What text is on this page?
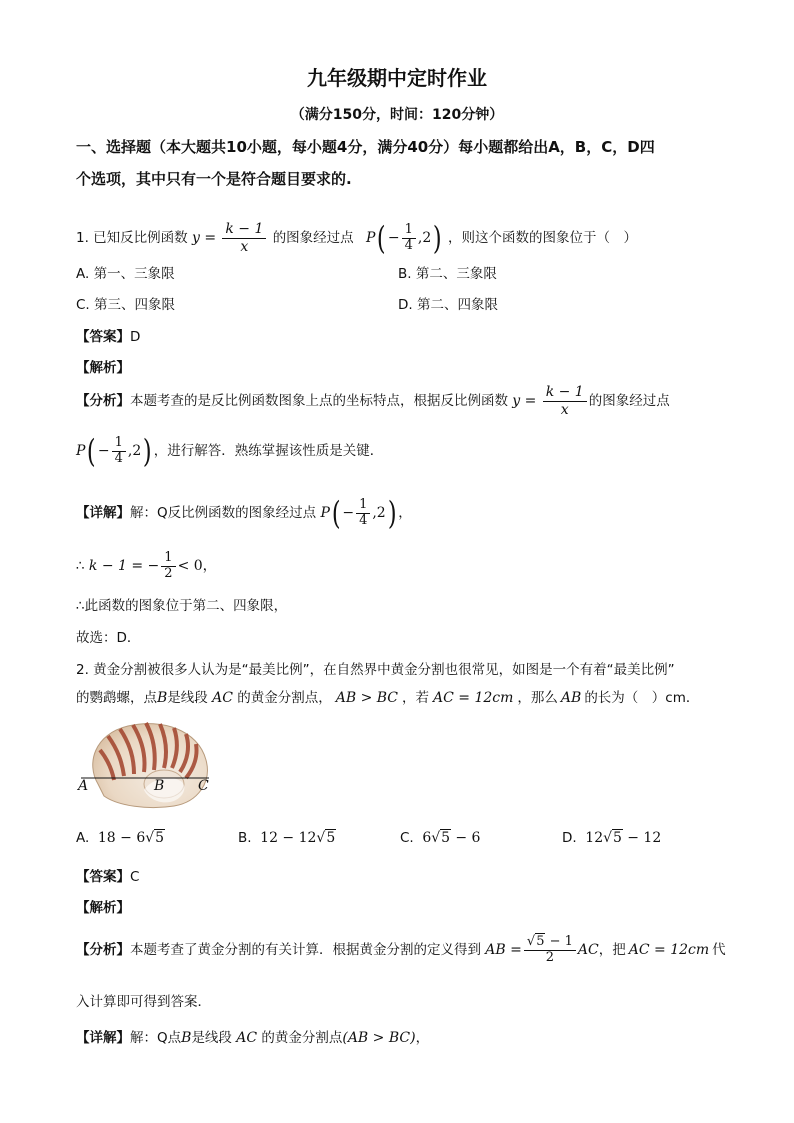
九年级期中定时作业
（满分150分，时间：120分钟）
一、选择题（本大题共10小题，每小题4分，满分40分）每小题都给出A，B，C，D四
个选项，其中只有一个是符合题目要求的.
1. 已知反比例函数 $y = \frac{k - 1}{x}$ 的图象经过点 $P( - \frac{1}{4} ,2)$ ，则这个函数的图象位于（　）
A. 第一、三象限	B. 第二、三象限
C. 第三、四象限	D. 第二、四象限
【答案】D
【解析】
【分析】本题考查的是反比例函数图象上点的坐标特点，根据反比例函数 $y = \frac{k - 1}{x}$ 的图象经过点
$P( - \frac{1}{4} ,2)$ ，进行解答．熟练掌握该性质是关键．
【详解】解：Q反比例函数的图象经过点 $P( - \frac{1}{4} ,2)$ ，
∴ k − 1 = − $\frac{1}{2} < 0$，
∴此函数的图象位于第二、四象限，
故选：D．
2. 黄金分割被很多人认为是“最美比例”，在自然界中黄金分割也很常见，如图是一个有着“最美比例”
的鹦鹉螺，点B是线段 AC 的黄金分割点， AB > BC ，若 AC = 12cm ，那么 AB 的长为（　）cm．
A	B C
A. 18 − 6√5	B. 12 − 12√5	C. 6√5 − 6	D. 12√5 − 12
【答案】C
【解析】
【分析】本题考查了黄金分割的有关计算．根据黄金分割的定义得到 AB = $\frac{√5 - 1}{2}$ AC，把 AC = 12cm 代
入计算即可得到答案．
【详解】解：Q点B是线段 AC 的黄金分割点(AB > BC)，
